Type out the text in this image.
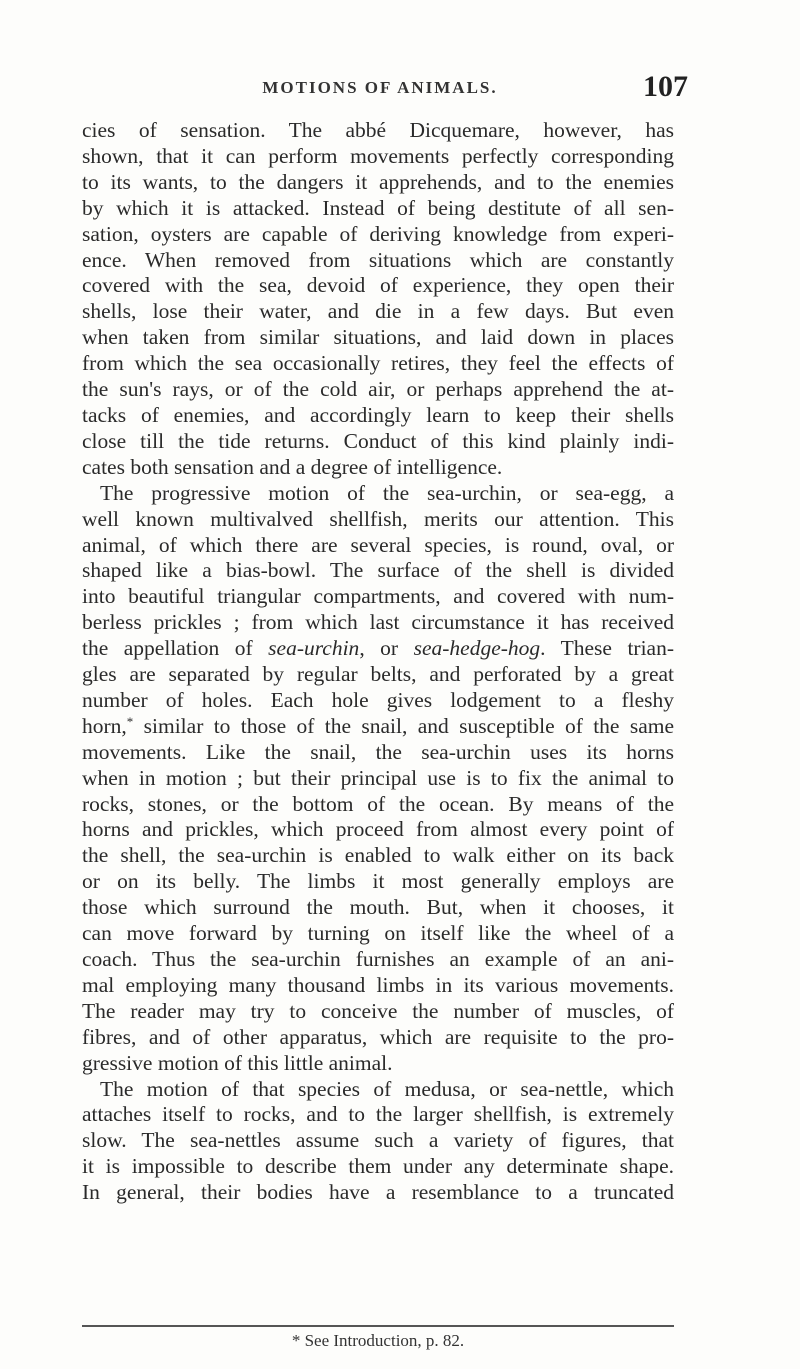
MOTIONS OF ANIMALS.	107
cies of sensation. The abbé Dicquemare, however, has
shown, that it can perform movements perfectly corresponding
to its wants, to the dangers it apprehends, and to the enemies
by which it is attacked. Instead of being destitute of all sen-
sation, oysters are capable of deriving knowledge from experi-
ence. When removed from situations which are constantly
covered with the sea, devoid of experience, they open their
shells, lose their water, and die in a few days. But even
when taken from similar situations, and laid down in places
from which the sea occasionally retires, they feel the effects of
the sun's rays, or of the cold air, or perhaps apprehend the at-
tacks of enemies, and accordingly learn to keep their shells
close till the tide returns. Conduct of this kind plainly indi-
cates both sensation and a degree of intelligence.
The progressive motion of the sea-urchin, or sea-egg, a
well known multivalved shellfish, merits our attention. This
animal, of which there are several species, is round, oval, or
shaped like a bias-bowl. The surface of the shell is divided
into beautiful triangular compartments, and covered with num-
berless prickles ; from which last circumstance it has received
the appellation of sea-urchin, or sea-hedge-hog. These trian-
gles are separated by regular belts, and perforated by a great
number of holes. Each hole gives lodgement to a fleshy
horn,* similar to those of the snail, and susceptible of the same
movements. Like the snail, the sea-urchin uses its horns
when in motion ; but their principal use is to fix the animal to
rocks, stones, or the bottom of the ocean. By means of the
horns and prickles, which proceed from almost every point of
the shell, the sea-urchin is enabled to walk either on its back
or on its belly. The limbs it most generally employs are
those which surround the mouth. But, when it chooses, it
can move forward by turning on itself like the wheel of a
coach. Thus the sea-urchin furnishes an example of an ani-
mal employing many thousand limbs in its various movements.
The reader may try to conceive the number of muscles, of
fibres, and of other apparatus, which are requisite to the pro-
gressive motion of this little animal.
The motion of that species of medusa, or sea-nettle, which
attaches itself to rocks, and to the larger shellfish, is extremely
slow. The sea-nettles assume such a variety of figures, that
it is impossible to describe them under any determinate shape.
In general, their bodies have a resemblance to a truncated
* See Introduction, p. 82.
